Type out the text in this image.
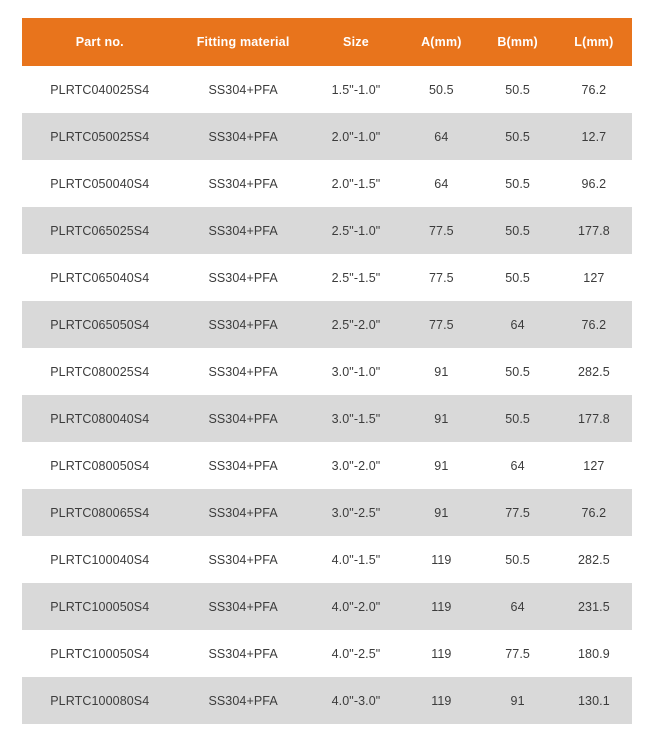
Part no.	Fitting material	Size	A(mm)	B(mm)	L(mm)
PLRTC040025S4	SS304+PFA	1.5"-1.0"	50.5	50.5	76.2
PLRTC050025S4	SS304+PFA	2.0"-1.0"	64	50.5	12.7
PLRTC050040S4	SS304+PFA	2.0"-1.5"	64	50.5	96.2
PLRTC065025S4	SS304+PFA	2.5"-1.0"	77.5	50.5	177.8
PLRTC065040S4	SS304+PFA	2.5"-1.5"	77.5	50.5	127
PLRTC065050S4	SS304+PFA	2.5"-2.0"	77.5	64	76.2
PLRTC080025S4	SS304+PFA	3.0"-1.0"	91	50.5	282.5
PLRTC080040S4	SS304+PFA	3.0"-1.5"	91	50.5	177.8
PLRTC080050S4	SS304+PFA	3.0"-2.0"	91	64	127
PLRTC080065S4	SS304+PFA	3.0"-2.5"	91	77.5	76.2
PLRTC100040S4	SS304+PFA	4.0"-1.5"	119	50.5	282.5
PLRTC100050S4	SS304+PFA	4.0"-2.0"	119	64	231.5
PLRTC100050S4	SS304+PFA	4.0"-2.5"	119	77.5	180.9
PLRTC100080S4	SS304+PFA	4.0"-3.0"	119	91	130.1
